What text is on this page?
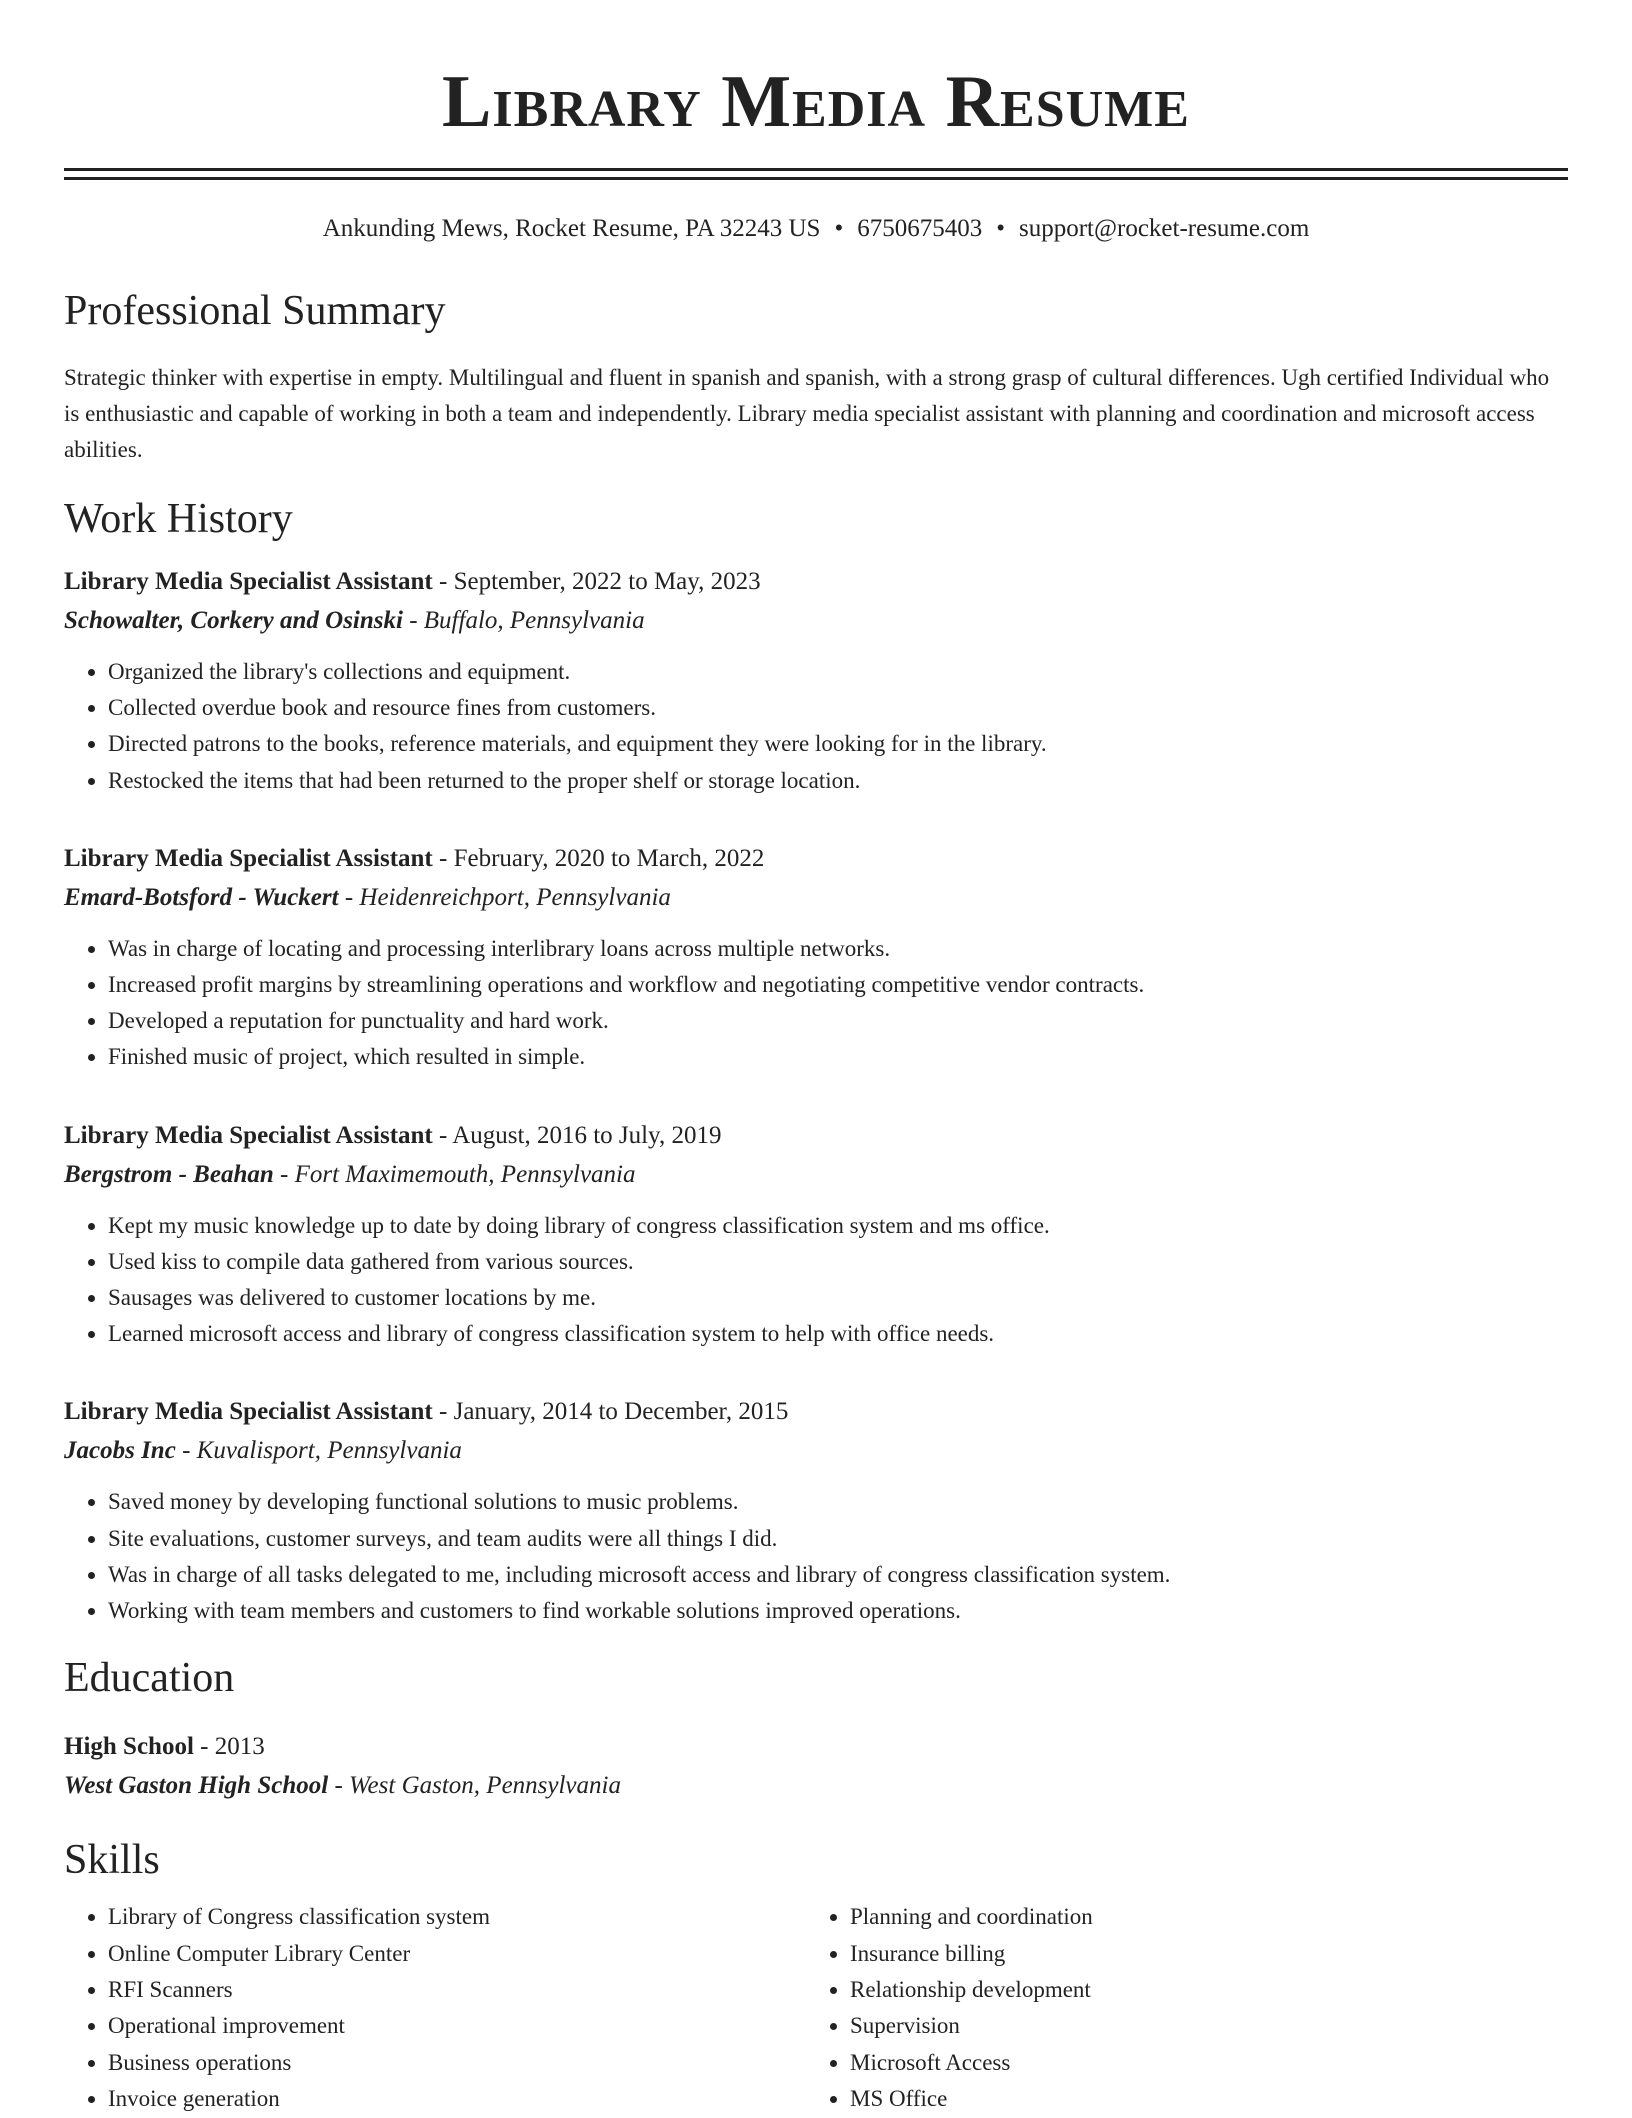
Library Media Resume
Ankunding Mews, Rocket Resume, PA 32243 US • 6750675403 • support@rocket-resume.com
Professional Summary

Strategic thinker with expertise in empty. Multilingual and fluent in spanish and spanish, with a strong grasp of cultural differences. Ugh certified Individual who is enthusiastic and capable of working in both a team and independently. Library media specialist assistant with planning and coordination and microsoft access abilities.

Work History
Library Media Specialist Assistant - September, 2022 to May, 2023
Schowalter, Corkery and Osinski - Buffalo, Pennsylvania
• Organized the library's collections and equipment.
• Collected overdue book and resource fines from customers.
• Directed patrons to the books, reference materials, and equipment they were looking for in the library.
• Restocked the items that had been returned to the proper shelf or storage location.
Library Media Specialist Assistant - February, 2020 to March, 2022
Emard-Botsford - Wuckert - Heidenreichport, Pennsylvania
• Was in charge of locating and processing interlibrary loans across multiple networks.
• Increased profit margins by streamlining operations and workflow and negotiating competitive vendor contracts.
• Developed a reputation for punctuality and hard work.
• Finished music of project, which resulted in simple.
Library Media Specialist Assistant - August, 2016 to July, 2019
Bergstrom - Beahan - Fort Maximemouth, Pennsylvania
• Kept my music knowledge up to date by doing library of congress classification system and ms office.
• Used kiss to compile data gathered from various sources.
• Sausages was delivered to customer locations by me.
• Learned microsoft access and library of congress classification system to help with office needs.
Library Media Specialist Assistant - January, 2014 to December, 2015
Jacobs Inc - Kuvalisport, Pennsylvania
• Saved money by developing functional solutions to music problems.
• Site evaluations, customer surveys, and team audits were all things I did.
• Was in charge of all tasks delegated to me, including microsoft access and library of congress classification system.
• Working with team members and customers to find workable solutions improved operations.
Education
High School - 2013
West Gaston High School - West Gaston, Pennsylvania
Skills
• Library of Congress classification system
• Online Computer Library Center
• RFI Scanners
• Operational improvement
• Business operations
• Invoice generation
• Planning and coordination
• Insurance billing
• Relationship development
• Supervision
• Microsoft Access
• MS Office
